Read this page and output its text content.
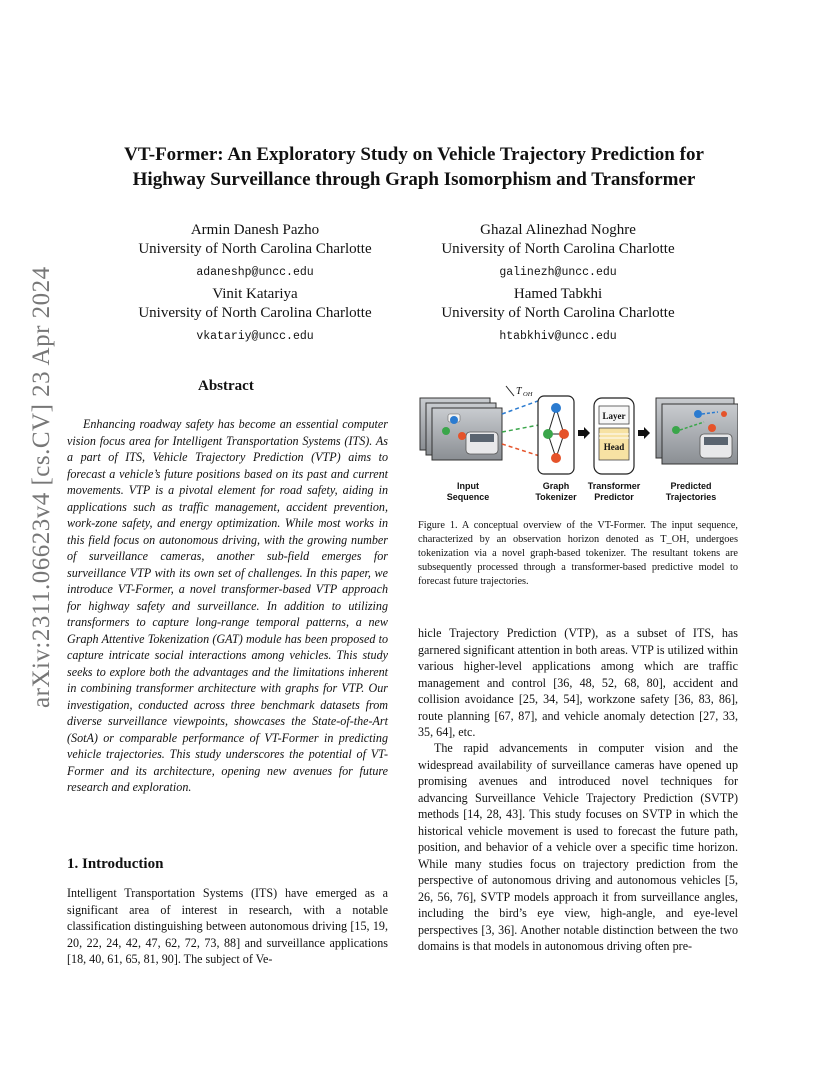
arXiv:2311.06623v4 [cs.CV] 23 Apr 2024
VT-Former: An Exploratory Study on Vehicle Trajectory Prediction for
Highway Surveillance through Graph Isomorphism and Transformer
Armin Danesh Pazho
University of North Carolina Charlotte
adaneshp@uncc.edu
Ghazal Alinezhad Noghre
University of North Carolina Charlotte
galinezh@uncc.edu
Vinit Katariya
University of North Carolina Charlotte
vkatariy@uncc.edu
Hamed Tabkhi
University of North Carolina Charlotte
htabkhiv@uncc.edu
Abstract
Enhancing roadway safety has become an essential computer vision focus area for Intelligent Transportation Systems (ITS). As a part of ITS, Vehicle Trajectory Prediction (VTP) aims to forecast a vehicle’s future positions based on its past and current movements. VTP is a pivotal element for road safety, aiding in applications such as traffic management, accident prevention, work-zone safety, and energy optimization. While most works in this field focus on autonomous driving, with the growing number of surveillance cameras, another sub-field emerges for surveillance VTP with its own set of challenges. In this paper, we introduce VT-Former, a novel transformer-based VTP approach for highway safety and surveillance. In addition to utilizing transformers to capture long-range temporal patterns, a new Graph Attentive Tokenization (GAT) module has been proposed to capture intricate social interactions among vehicles. This study seeks to explore both the advantages and the limitations inherent in combining transformer architecture with graphs for VTP. Our investigation, conducted across three benchmark datasets from diverse surveillance viewpoints, showcases the State-of-the-Art (SotA) or comparable performance of VT-Former in predicting vehicle trajectories. This study underscores the potential of VT-Former and its architecture, opening new avenues for future research and exploration.
1. Introduction
Intelligent Transportation Systems (ITS) have emerged as a significant area of interest in research, with a notable classification distinguishing between autonomous driving [15, 19, 20, 22, 24, 42, 47, 62, 72, 73, 88] and surveillance applications [18, 40, 61, 65, 81, 90]. The subject of Ve-
T OH
Layer
Head
Input
Sequence
Graph
Tokenizer
Transformer
Predictor
Predicted
Trajectories
Figure 1. A conceptual overview of the VT-Former. The input sequence, characterized by an observation horizon denoted as T_OH, undergoes tokenization via a novel graph-based tokenizer. The resultant tokens are subsequently processed through a transformer-based predictive model to forecast future trajectories.
hicle Trajectory Prediction (VTP), as a subset of ITS, has garnered significant attention in both areas. VTP is utilized within various higher-level applications among which are traffic management and control [36, 48, 52, 68, 80], accident and collision avoidance [25, 34, 54], workzone safety [36, 83, 86], route planning [67, 87], and vehicle anomaly detection [27, 33, 35, 64], etc.
The rapid advancements in computer vision and the widespread availability of surveillance cameras have opened up promising avenues and introduced novel techniques for advancing Surveillance Vehicle Trajectory Prediction (SVTP) methods [14, 28, 43]. This study focuses on SVTP in which the historical vehicle movement is used to forecast the future path, position, and behavior of a vehicle over a specific time horizon. While many studies focus on trajectory prediction from the perspective of autonomous driving and autonomous vehicles [5, 26, 56, 76], SVTP models approach it from surveillance angles, including the bird’s eye view, high-angle, and eye-level perspectives [3, 36]. Another notable distinction between the two domains is that models in autonomous driving often pre-
